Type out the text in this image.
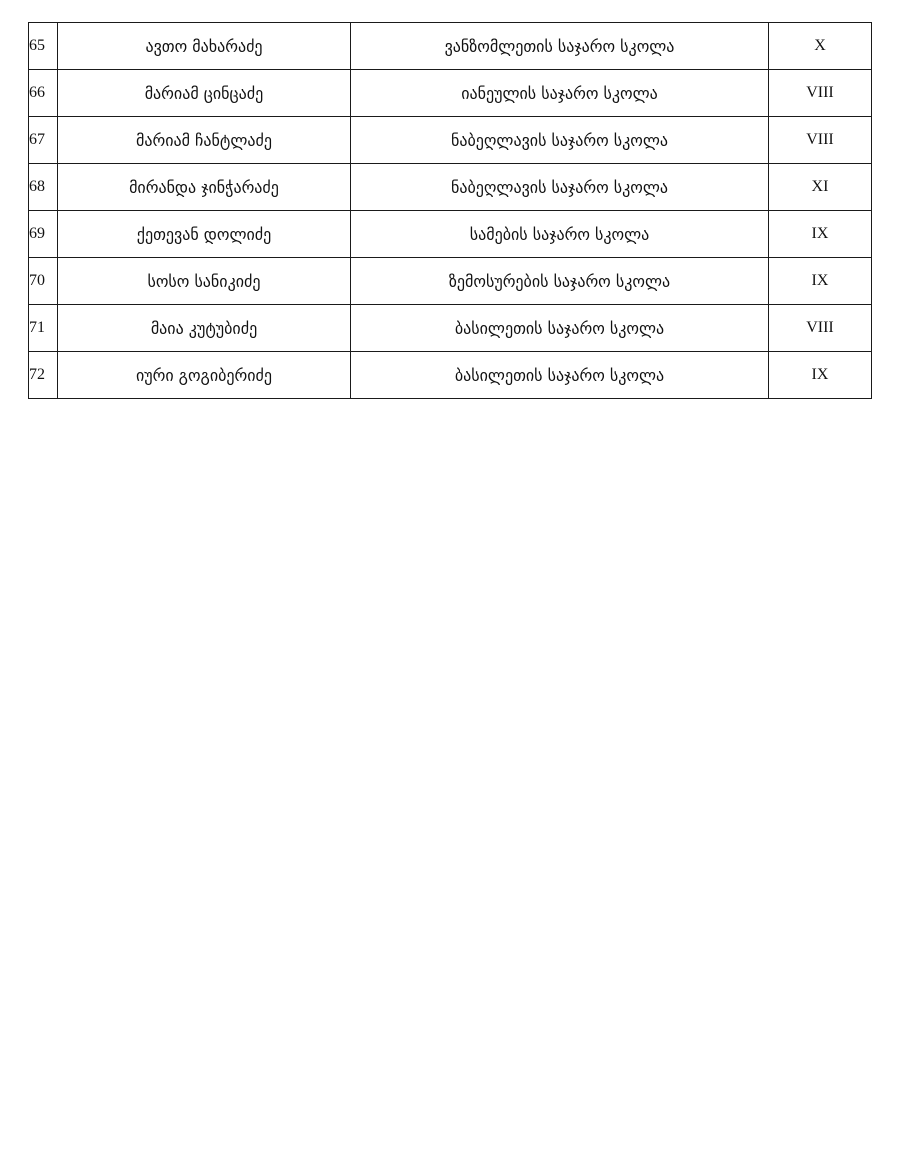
65	ავთო მახარაძე	ვანზომლეთის საჯარო სკოლა	X
66	მარიამ ცინცაძე	იანეულის საჯარო სკოლა	VIII
67	მარიამ ჩანტლაძე	ნაბეღლავის საჯარო სკოლა	VIII
68	მირანდა ჯინჭარაძე	ნაბეღლავის საჯარო სკოლა	XI
69	ქეთევან დოლიძე	სამების საჯარო სკოლა	IX
70	სოსო სანიკიძე	ზემოსურების საჯარო სკოლა	IX
71	მაია კუტუბიძე	ბასილეთის საჯარო სკოლა	VIII
72	იური გოგიბერიძე	ბასილეთის საჯარო სკოლა	IX
